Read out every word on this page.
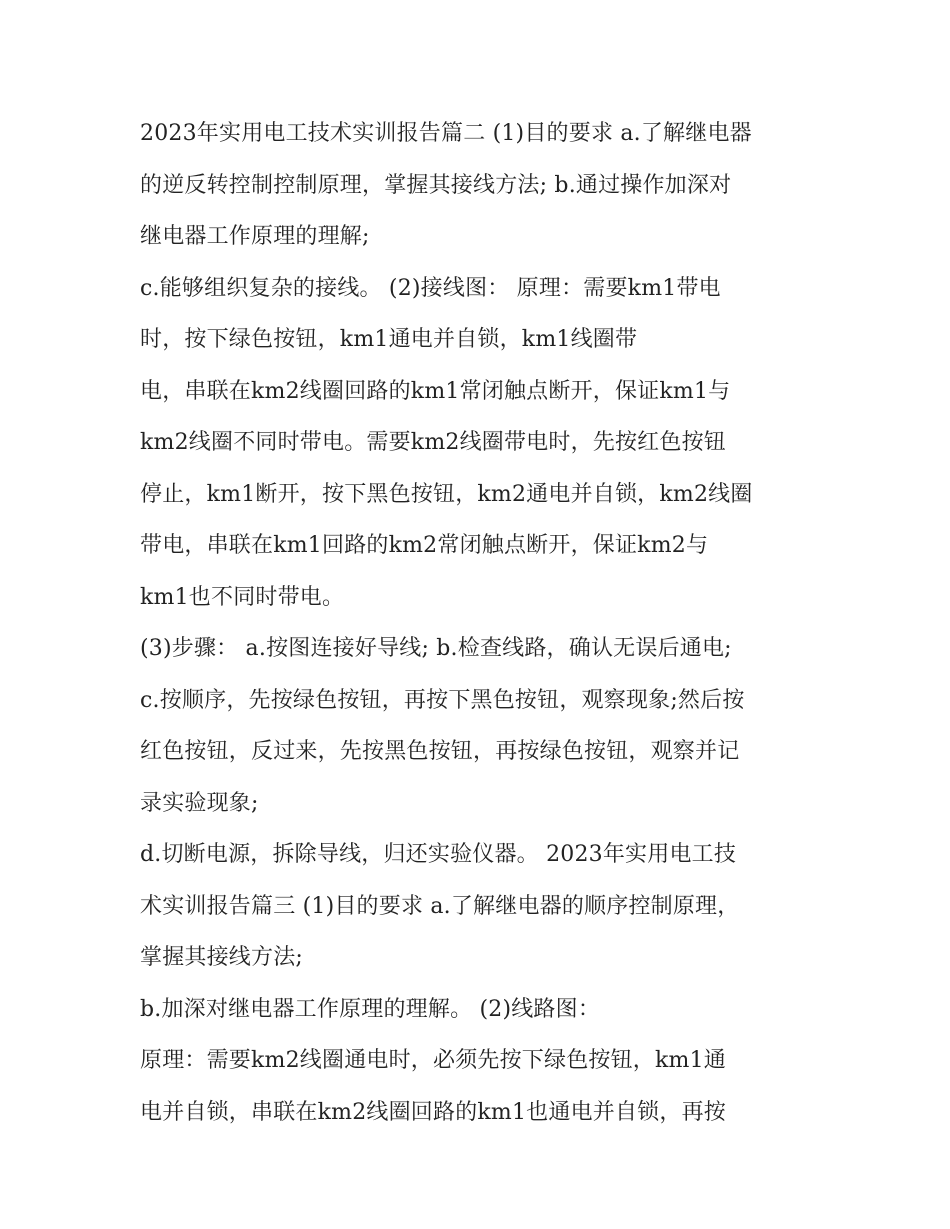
2023年实用电工技术实训报告篇二 (1)目的要求 a.了解继电器
的逆反转控制控制原理，掌握其接线方法; b.通过操作加深对
继电器工作原理的理解;
c.能够组织复杂的接线。 (2)接线图： 原理：需要km1带电
时，按下绿色按钮，km1通电并自锁，km1线圈带
电，串联在km2线圈回路的km1常闭触点断开，保证km1与
km2线圈不同时带电。需要km2线圈带电时，先按红色按钮
停止，km1断开，按下黑色按钮，km2通电并自锁，km2线圈
带电，串联在km1回路的km2常闭触点断开，保证km2与
km1也不同时带电。
(3)步骤： a.按图连接好导线; b.检查线路，确认无误后通电;
c.按顺序，先按绿色按钮，再按下黑色按钮，观察现象;然后按
红色按钮，反过来，先按黑色按钮，再按绿色按钮，观察并记
录实验现象;
d.切断电源，拆除导线，归还实验仪器。 2023年实用电工技
术实训报告篇三 (1)目的要求 a.了解继电器的顺序控制原理，
掌握其接线方法;
b.加深对继电器工作原理的理解。 (2)线路图：
原理：需要km2线圈通电时，必须先按下绿色按钮，km1通
电并自锁，串联在km2线圈回路的km1也通电并自锁，再按
